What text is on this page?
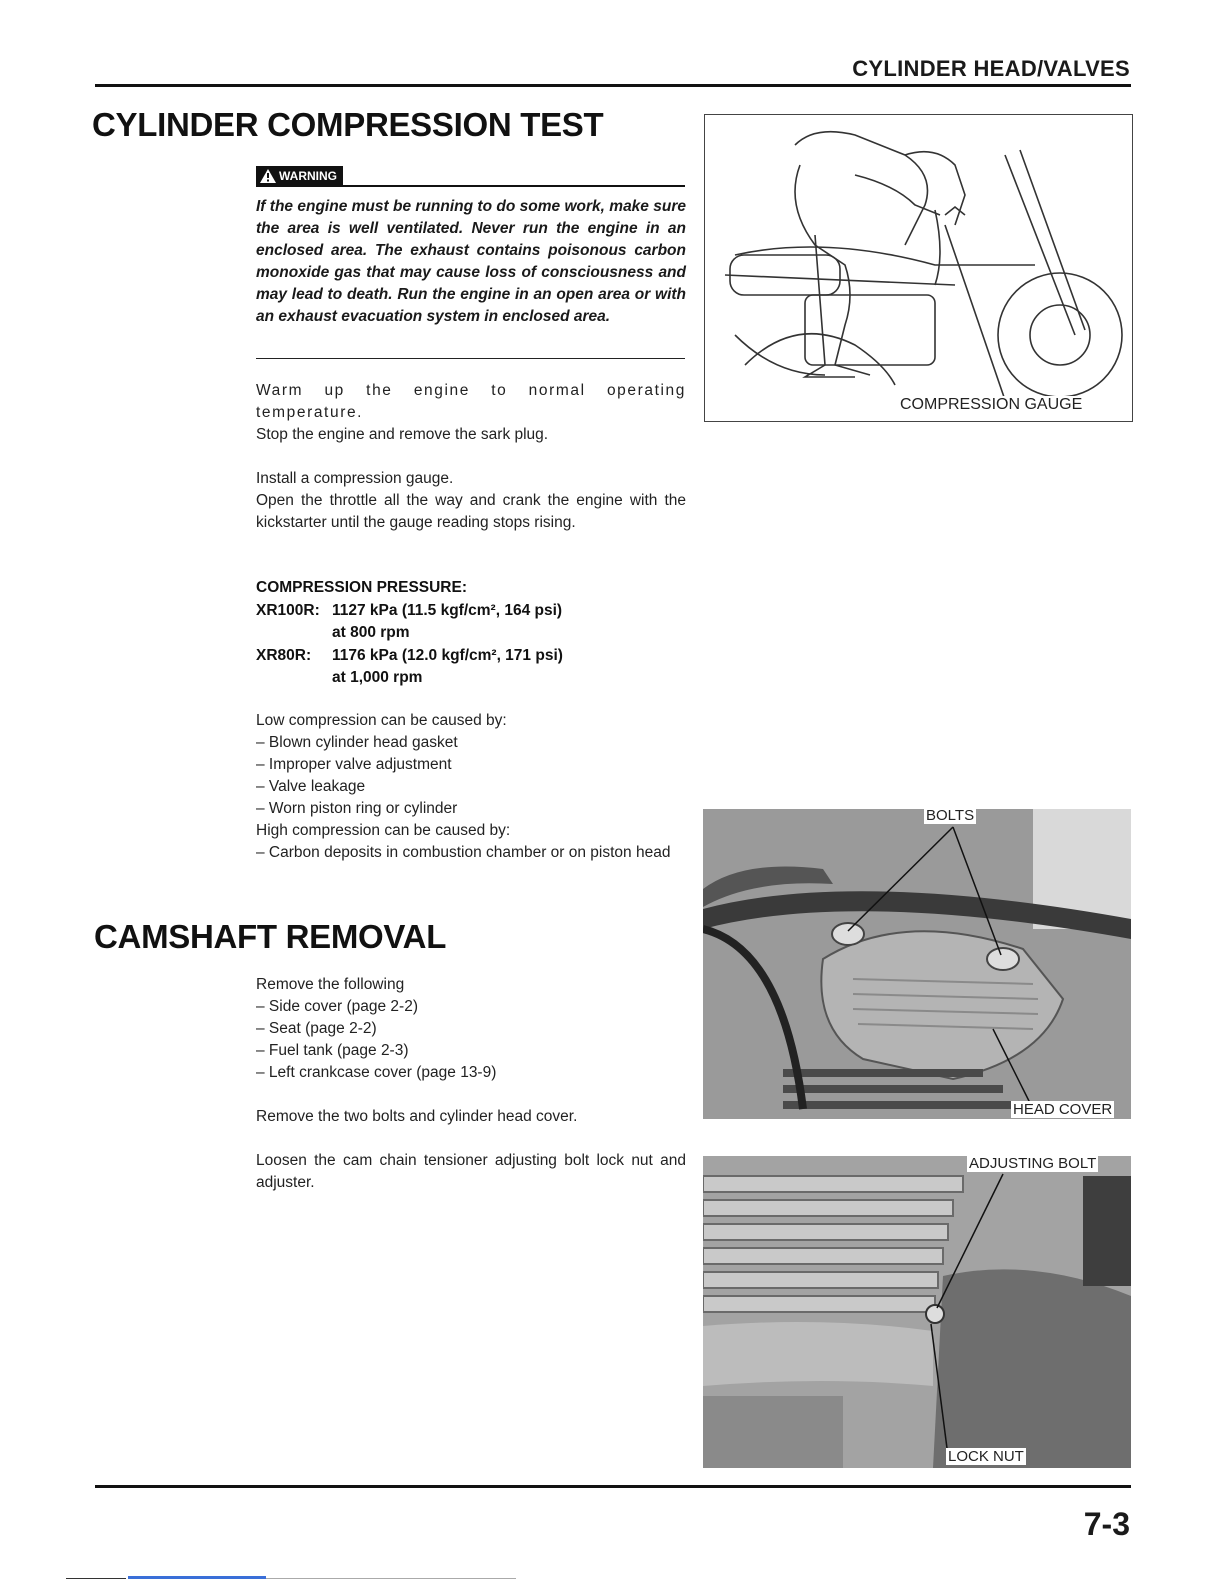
CYLINDER HEAD/VALVES
CYLINDER COMPRESSION TEST
WARNING
If the engine must be running to do some work, make sure the area is well ventilated. Never run the engine in an enclosed area. The exhaust contains poisonous carbon monoxide gas that may cause loss of consciousness and may lead to death. Run the engine in an open area or with an exhaust evacuation system in enclosed area.

Warm up the engine to normal operating temperature.

Stop the engine and remove the sark plug.

Install a compression gauge.

Open the throttle all the way and crank the engine with the kickstarter until the gauge reading stops rising.

COMPRESSION PRESSURE:
XR100R: 1127 kPa (11.5 kgf/cm², 164 psi)
at 800 rpm
XR80R:	1176 kPa (12.0 kgf/cm², 171 psi)
at 1,000 rpm

Low compression can be caused by:

– Blown cylinder head gasket

– Improper valve adjustment

– Valve leakage

– Worn piston ring or cylinder

High compression can be caused by:

– Carbon deposits in combustion chamber or on piston head

COMPRESSION GAUGE
CAMSHAFT REMOVAL

Remove the following

– Side cover (page 2-2)

– Seat (page 2-2)

– Fuel tank (page 2-3)

– Left crankcase cover (page 13-9)

Remove the two bolts and cylinder head cover.

Loosen the cam chain tensioner adjusting bolt lock nut and adjuster.

BOLTS
HEAD COVER
ADJUSTING BOLT
LOCK NUT
7-3
